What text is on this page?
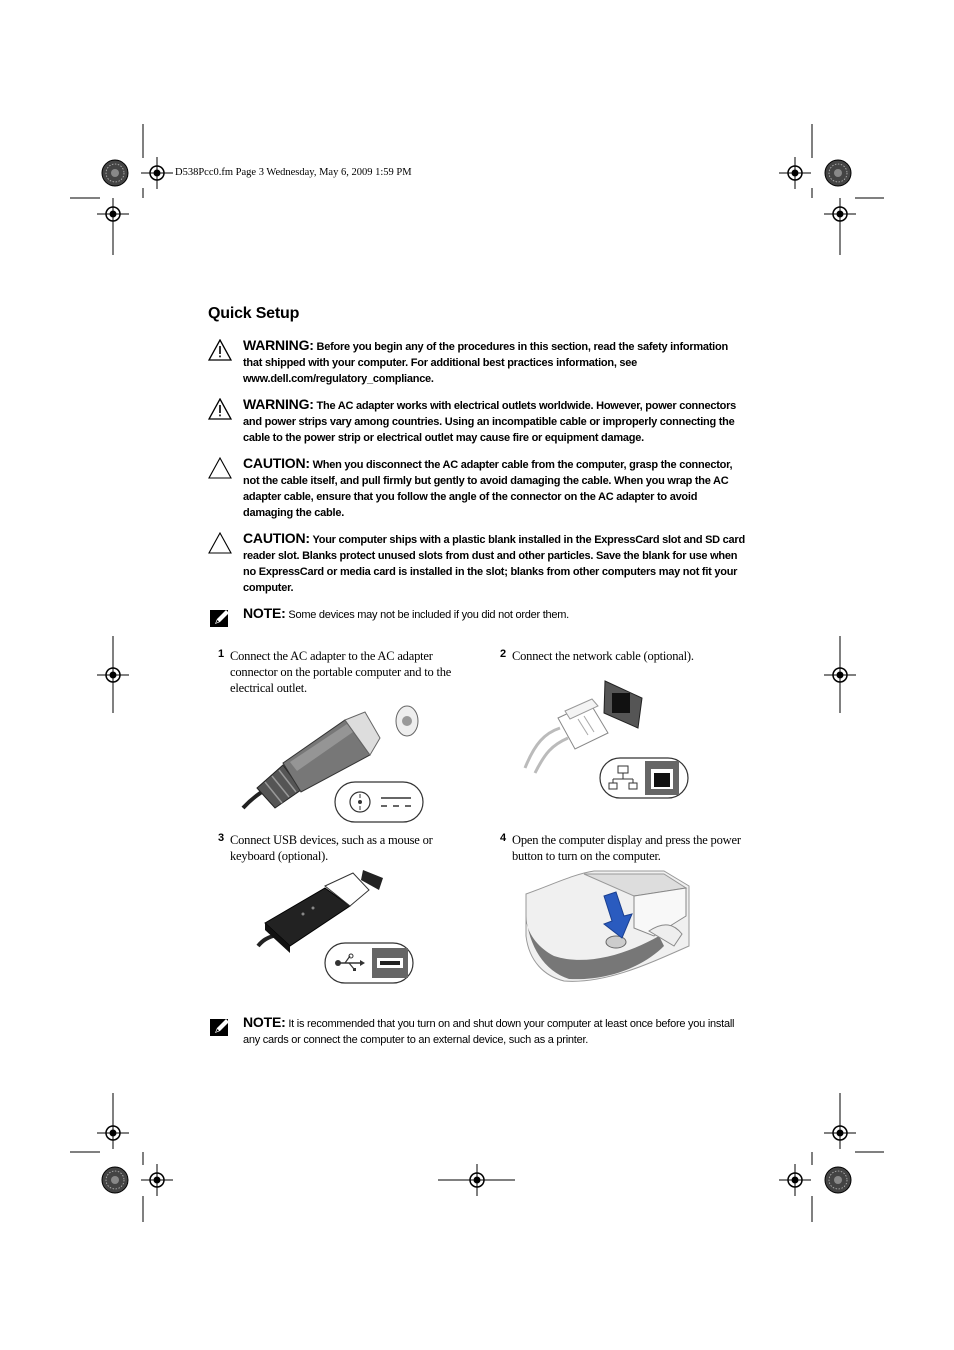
D538Pcc0.fm Page 3 Wednesday, May 6, 2009 1:59 PM
Quick Setup
WARNING: Before you begin any of the procedures in this section, read the safety information that shipped with your computer. For additional best practices information, see www.dell.com/regulatory_compliance.
WARNING: The AC adapter works with electrical outlets worldwide. However, power connectors and power strips vary among countries. Using an incompatible cable or improperly connecting the cable to the power strip or electrical outlet may cause fire or equipment damage.
CAUTION: When you disconnect the AC adapter cable from the computer, grasp the connector, not the cable itself, and pull firmly but gently to avoid damaging the cable. When you wrap the AC adapter cable, ensure that you follow the angle of the connector on the AC adapter to avoid damaging the cable.
CAUTION: Your computer ships with a plastic blank installed in the ExpressCard slot and SD card reader slot. Blanks protect unused slots from dust and other particles. Save the blank for use when no ExpressCard or media card is installed in the slot; blanks from other computers may not fit your computer.
NOTE: Some devices may not be included if you did not order them.
1 Connect the AC adapter to the AC adapter connector on the portable computer and to the electrical outlet.
2 Connect the network cable (optional).
3 Connect USB devices, such as a mouse or keyboard (optional).
4 Open the computer display and press the power button to turn on the computer.
NOTE: It is recommended that you turn on and shut down your computer at least once before you install any cards or connect the computer to an external device, such as a printer.
